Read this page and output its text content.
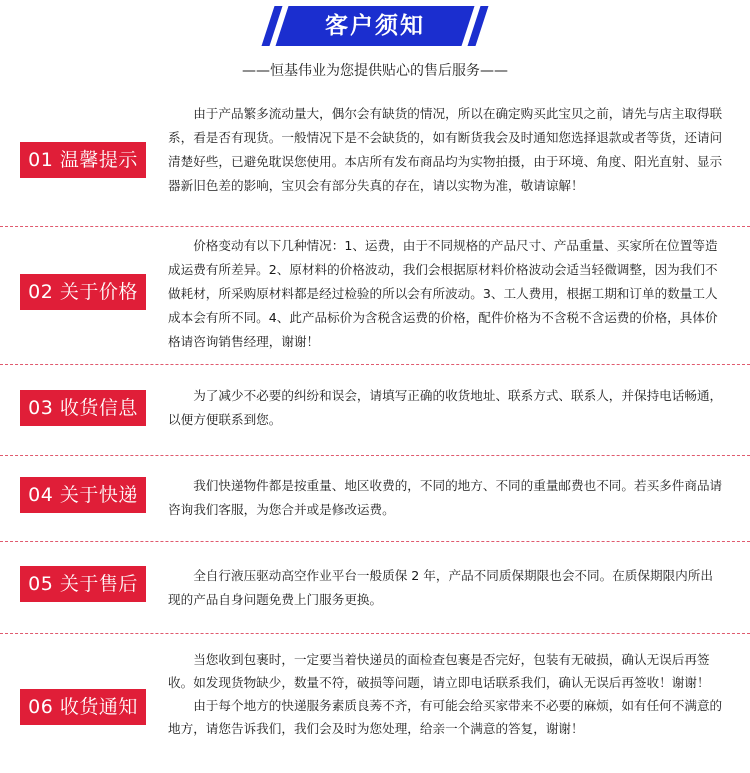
客户须知
——恒基伟业为您提供贴心的售后服务——
01 温馨提示

由于产品繁多流动量大，偶尔会有缺货的情况，所以在确定购买此宝贝之前，请先与店主取得联系，看是否有现货。一般情况下是不会缺货的，如有断货我会及时通知您选择退款或者等货，还请问清楚好些，已避免耽误您使用。本店所有发布商品均为实物拍摄，由于环境、角度、阳光直射、显示器新旧色差的影响，宝贝会有部分失真的存在，请以实物为准，敬请谅解！

02 关于价格

价格变动有以下几种情况：1、运费，由于不同规格的产品尺寸、产品重量、买家所在位置等造成运费有所差异。2、原材料的价格波动，我们会根据原材料价格波动会适当轻微调整，因为我们不做耗材，所采购原材料都是经过检验的所以会有所波动。3、工人费用，根据工期和订单的数量工人成本会有所不同。4、此产品标价为含税含运费的价格，配件价格为不含税不含运费的价格，具体价格请咨询销售经理，谢谢！

03 收货信息

为了减少不必要的纠纷和误会，请填写正确的收货地址、联系方式、联系人，并保持电话畅通，以便方便联系到您。

04 关于快递	我们快递物件都是按重量、地区收费的，不同的地方、不同的重量邮费也不同。若买多件商品请咨询我们客服，为您合并或是修改运费。

05 关于售后	全自行液压驱动高空作业平台一般质保 2 年，产品不同质保期限也会不同。在质保期限内所出现的产品自身问题免费上门服务更换。

06 收货通知

当您收到包裹时，一定要当着快递员的面检查包裹是否完好，包装有无破损，确认无误后再签收。如发现货物缺少，数量不符，破损等问题，请立即电话联系我们，确认无误后再签收！谢谢！

由于每个地方的快递服务素质良莠不齐，有可能会给买家带来不必要的麻烦，如有任何不满意的地方，请您告诉我们，我们会及时为您处理，给亲一个满意的答复，谢谢！
